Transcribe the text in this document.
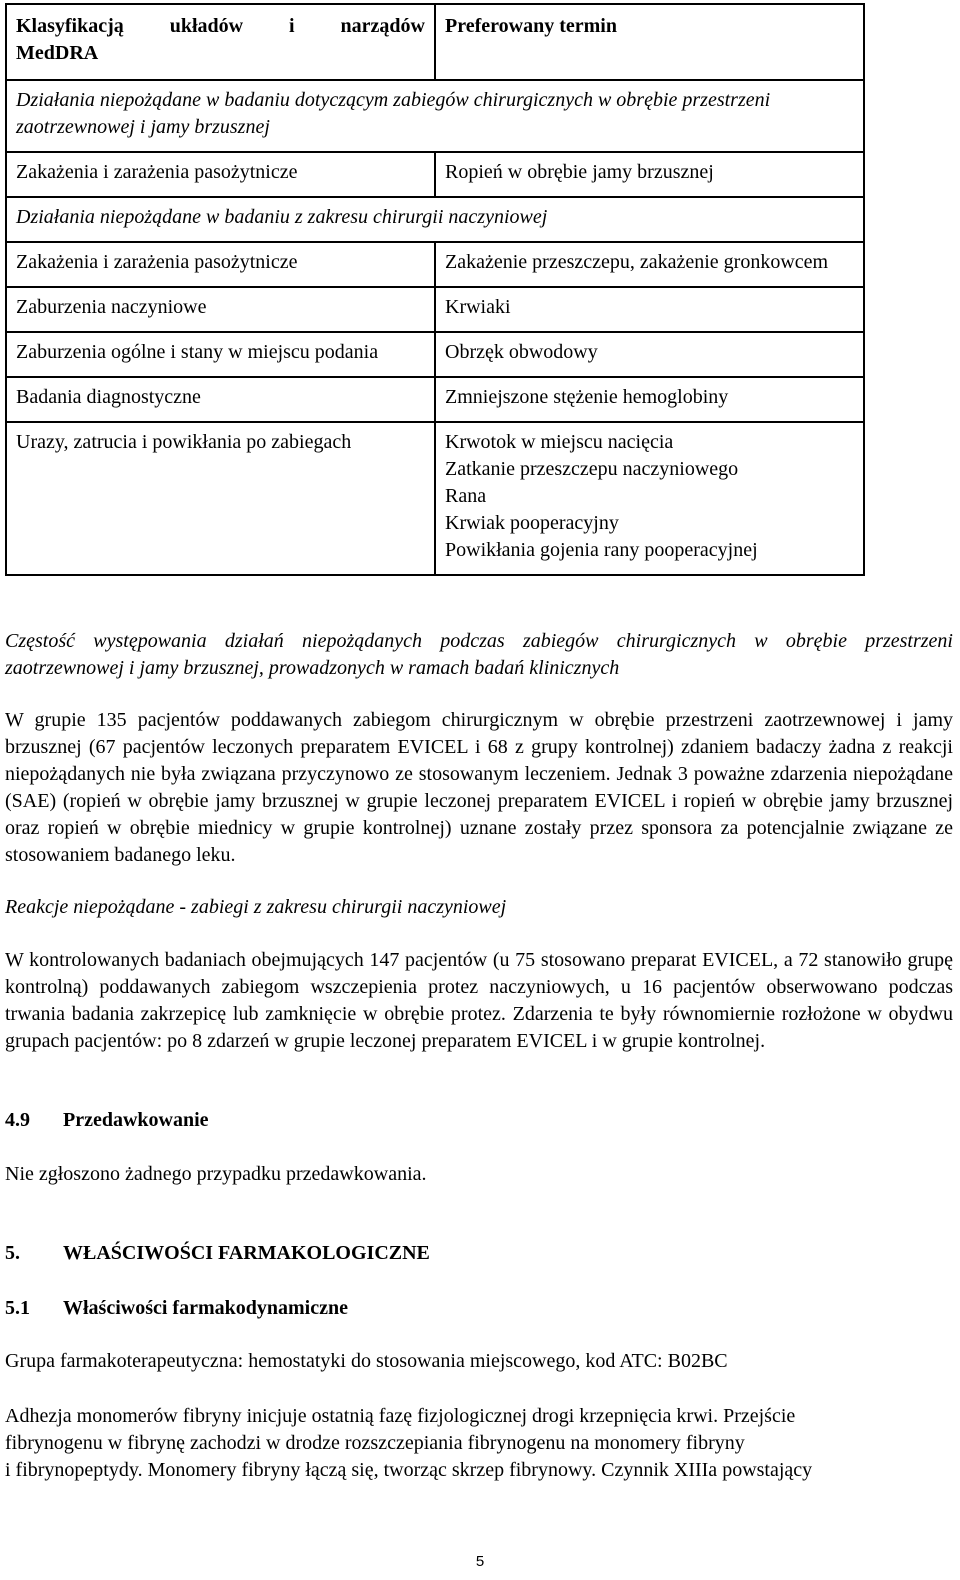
Klasyfikacją układów i narządów
MedDRA	Preferowany termin
Działania niepożądane w badaniu dotyczącym zabiegów chirurgicznych w obrębie przestrzeni zaotrzewnowej i jamy brzusznej	
Zakażenia i zarażenia pasożytnicze	Ropień w obrębie jamy brzusznej
Działania niepożądane w badaniu z zakresu chirurgii naczyniowej	
Zakażenia i zarażenia pasożytnicze	Zakażenie przeszczepu, zakażenie gronkowcem
Zaburzenia naczyniowe	Krwiaki
Zaburzenia ogólne i stany w miejscu podania	Obrzęk obwodowy
Badania diagnostyczne	Zmniejszone stężenie hemoglobiny
Urazy, zatrucia i powikłania po zabiegach	Krwotok w miejscu nacięcia
Zatkanie przeszczepu naczyniowego
Rana
Krwiak pooperacyjny
Powikłania gojenia rany pooperacyjnej

Częstość występowania działań niepożądanych podczas zabiegów chirurgicznych w obrębie przestrzeni zaotrzewnowej i jamy brzusznej, prowadzonych w ramach badań klinicznych

W grupie 135 pacjentów poddawanych zabiegom chirurgicznym w obrębie przestrzeni zaotrzewnowej i jamy brzusznej (67 pacjentów leczonych preparatem EVICEL i 68 z grupy kontrolnej) zdaniem badaczy żadna z reakcji niepożądanych nie była związana przyczynowo ze stosowanym leczeniem. Jednak 3 poważne zdarzenia niepożądane (SAE) (ropień w obrębie jamy brzusznej w grupie leczonej preparatem EVICEL i ropień w obrębie jamy brzusznej oraz ropień w obrębie miednicy w grupie kontrolnej) uznane zostały przez sponsora za potencjalnie związane ze stosowaniem badanego leku.

Reakcje niepożądane - zabiegi z zakresu chirurgii naczyniowej

W kontrolowanych badaniach obejmujących 147 pacjentów (u 75 stosowano preparat EVICEL, a 72 stanowiło grupę kontrolną) poddawanych zabiegom wszczepienia protez naczyniowych, u 16 pacjentów obserwowano podczas trwania badania zakrzepicę lub zamknięcie w obrębie protez. Zdarzenia te były równomiernie rozłożone w obydwu grupach pacjentów: po 8 zdarzeń w grupie leczonej preparatem EVICEL i w grupie kontrolnej.

4.9 Przedawkowanie

Nie zgłoszono żadnego przypadku przedawkowania.

5. WŁAŚCIWOŚCI FARMAKOLOGICZNE

5.1 Właściwości farmakodynamiczne

Grupa farmakoterapeutyczna: hemostatyki do stosowania miejscowego, kod ATC: B02BC

Adhezja monomerów fibryny inicjuje ostatnią fazę fizjologicznej drogi krzepnięcia krwi. Przejście
fibrynogenu w fibrynę zachodzi w drodze rozszczepiania fibrynogenu na monomery fibryny
i fibrynopeptydy. Monomery fibryny łączą się, tworząc skrzep fibrynowy. Czynnik XIIIa powstający
5
